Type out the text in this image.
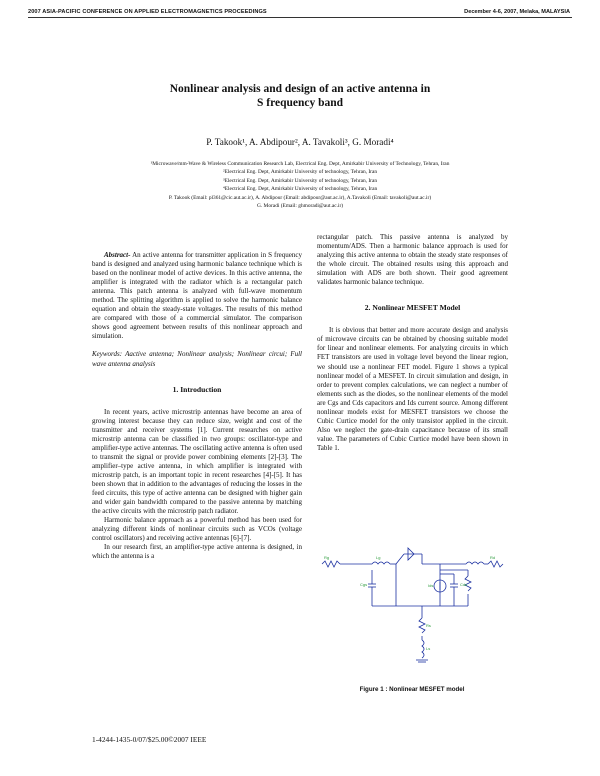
2007 ASIA-PACIFIC CONFERENCE ON APPLIED ELECTROMAGNETICS PROCEEDINGS	December 4-6, 2007, Melaka, MALAYSIA
Nonlinear analysis and design of an active antenna in
S frequency band
P. Takook¹, A. Abdipour², A. Tavakoli³, G. Moradi⁴
¹Microwave/mm-Wave & Wireless Communication Research Lab, Electrical Eng. Dept, Amirkabir University of Technology, Tehran, Iran
²Electrical Eng. Dept, Amirkabir University of technology, Tehran, Iran
³Electrical Eng. Dept, Amirkabir University of technology, Tehran, Iran
⁴Electrical Eng. Dept, Amirkabir University of technology, Tehran, Iran
P. Takook (Email: pl361@cic.aut.ac.ir), A. Abdipour (Email: abdipour@aut.ac.ir), A.Tavakoli (Email: tavakoli@aut.ac.ir)
G. Moradi (Email: ghmoradi@aut.ac.ir)

Abstract- An active antenna for transmitter application in S frequency band is designed and analyzed using harmonic balance technique which is based on the nonlinear model of active devices. In this active antenna, the amplifier is integrated with the radiator which is a rectangular patch antenna. This patch antenna is analyzed with full-wave momentum method. The splitting algorithm is applied to solve the harmonic balance equation and obtain the steady-state voltages. The results of this method are compared with those of a commercial simulator. The comparison shows good agreement between results of this nonlinear approach and simulation.

Keywords: Aactive antenna; Nonlinear analysis; Nonlinear circui; Full wave antenna analysis

1. Introduction

In recent years, active microstrip antennas have become an area of growing interest because they can reduce size, weight and cost of the transmitter and receiver systems [1]. Current researches on active microstrip antenna can be classified in two groups: oscillator-type and amplifier-type active antennas. The oscillating active antenna is often used to transmit the signal or provide power combining elements [2]-[3]. The amplifier–type active antenna, in which amplifier is integrated with microstrip patch, is an important topic in recent researches [4]-[5]. It has been shown that in addition to the advantages of reducing the losses in the feed circuits, this type of active antenna can be designed with higher gain and wider gain bandwidth compared to the passive antenna by matching the active circuits with the microstrip patch radiator.

Harmonic balance approach as a powerful method has been used for analyzing different kinds of nonlinear circuits such as VCOs (voltage control oscillators) and receiving active antennas [6]-[7].

In our research first, an amplifier-type active antenna is designed, in which the antenna is a

rectangular patch. This passive antenna is analyzed by momentum/ADS. Then a harmonic balance approach is used for analyzing this active antenna to obtain the steady state responses of the whole circuit. The obtained results using this approach and simulation with ADS are both shown. Their good agreement validates harmonic balance technique.

2. Nonlinear MESFET Model

It is obvious that better and more accurate design and analysis of microwave circuits can be obtained by choosing suitable model for linear and nonlinear elements. For analyzing circuits in which FET transistors are used in voltage level beyond the linear region, we should use a nonlinear FET model. Figure 1 shows a typical nonlinear model of a MESFET. In circuit simulation and design, in order to prevent complex calculations, we can neglect a number of elements such as the diodes, so the nonlinear elements of the model are Cgs and Cds capacitors and Ids current source. Among different nonlinear models exist for MESFET transistors we choose the Cubic Curtice model for the only transistor applied in the circuit. Also we neglect the gate-drain capacitance because of its small value. The parameters of Cubic Curtice model have been shown in Table 1.

Rg	Lg
Cgs	Ids	Cds
Rd
Rs
Ls
Figure 1 : Nonlinear MESFET model
1-4244-1435-0/07/$25.00©2007 IEEE
